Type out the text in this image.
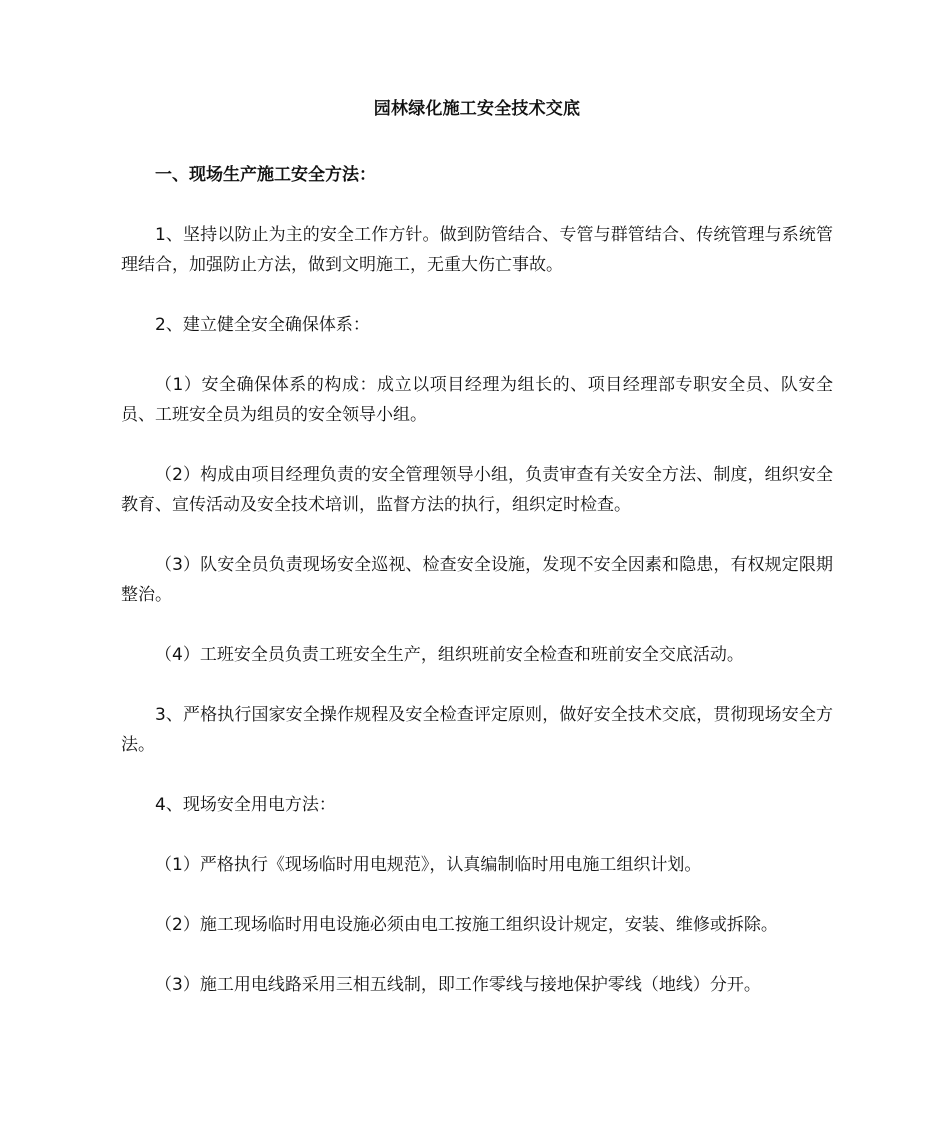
园林绿化施工安全技术交底

一、现场生产施工安全方法：

1、坚持以防止为主的安全工作方针。做到防管结合、专管与群管结合、传统管理与系统管理结合，加强防止方法，做到文明施工，无重大伤亡事故。

2、建立健全安全确保体系：

（1）安全确保体系的构成：成立以项目经理为组长的、项目经理部专职安全员、队安全员、工班安全员为组员的安全领导小组。

（2）构成由项目经理负责的安全管理领导小组，负责审查有关安全方法、制度，组织安全教育、宣传活动及安全技术培训，监督方法的执行，组织定时检查。

（3）队安全员负责现场安全巡视、检查安全设施，发现不安全因素和隐患，有权规定限期整治。

（4）工班安全员负责工班安全生产，组织班前安全检查和班前安全交底活动。

3、严格执行国家安全操作规程及安全检查评定原则，做好安全技术交底，贯彻现场安全方法。

4、现场安全用电方法：

（1）严格执行《现场临时用电规范》，认真编制临时用电施工组织计划。

（2）施工现场临时用电设施必须由电工按施工组织设计规定，安装、维修或拆除。

（3）施工用电线路采用三相五线制，即工作零线与接地保护零线（地线）分开。
